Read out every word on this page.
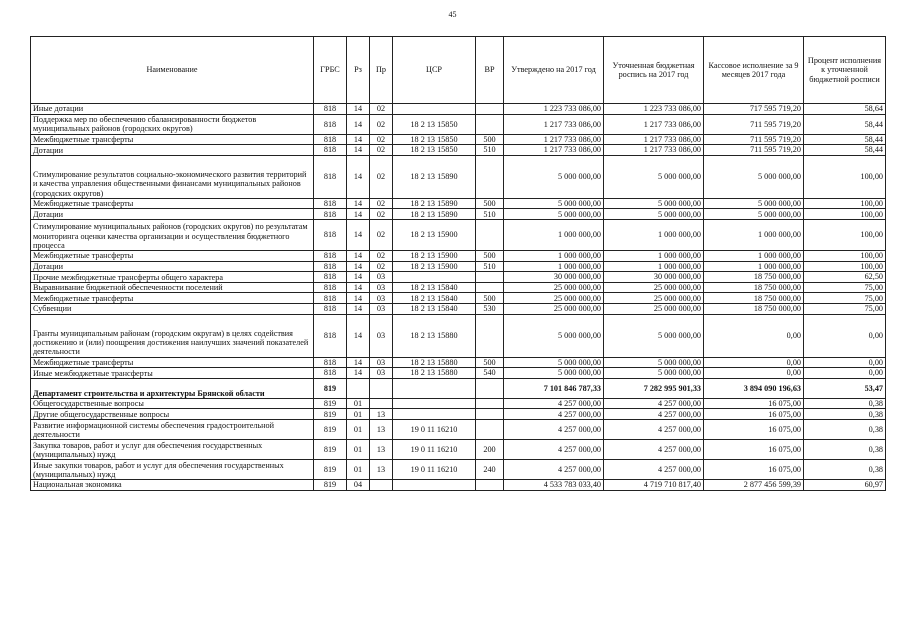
45
Наименование	ГРБС	Рз	Пр	ЦСР	ВР	Утверждено на 2017 год	Уточненная бюджетная роспись на 2017 год	Кассовое исполнение за 9 месяцев 2017 года	Процент исполнения к уточненной бюджетной росписи
Иные дотации	818	14	02			1 223 733 086,00	1 223 733 086,00	717 595 719,20	58,64
Поддержка мер по обеспечению сбалансированности бюджетов муниципальных районов (городских округов)	818	14	02	18 2 13 15850		1 217 733 086,00	1 217 733 086,00	711 595 719,20	58,44
Межбюджетные трансферты	818	14	02	18 2 13 15850	500	1 217 733 086,00	1 217 733 086,00	711 595 719,20	58,44
Дотации	818	14	02	18 2 13 15850	510	1 217 733 086,00	1 217 733 086,00	711 595 719,20	58,44
Стимулирование результатов социально-экономического развития территорий и качества управления общественными финансами муниципальных районов (городских округов)	818	14	02	18 2 13 15890		5 000 000,00	5 000 000,00	5 000 000,00	100,00
Межбюджетные трансферты	818	14	02	18 2 13 15890	500	5 000 000,00	5 000 000,00	5 000 000,00	100,00
Дотации	818	14	02	18 2 13 15890	510	5 000 000,00	5 000 000,00	5 000 000,00	100,00
Стимулирование муниципальных районов (городских округов) по результатам мониторинга оценки качества организации и осуществления бюджетного процесса	818	14	02	18 2 13 15900		1 000 000,00	1 000 000,00	1 000 000,00	100,00
Межбюджетные трансферты	818	14	02	18 2 13 15900	500	1 000 000,00	1 000 000,00	1 000 000,00	100,00
Дотации	818	14	02	18 2 13 15900	510	1 000 000,00	1 000 000,00	1 000 000,00	100,00
Прочие межбюджетные трансферты общего характера	818	14	03			30 000 000,00	30 000 000,00	18 750 000,00	62,50
Выравнивание бюджетной обеспеченности поселений	818	14	03	18 2 13 15840		25 000 000,00	25 000 000,00	18 750 000,00	75,00
Межбюджетные трансферты	818	14	03	18 2 13 15840	500	25 000 000,00	25 000 000,00	18 750 000,00	75,00
Субвенции	818	14	03	18 2 13 15840	530	25 000 000,00	25 000 000,00	18 750 000,00	75,00
Гранты муниципальным районам (городским округам) в целях содействия достижению и (или) поощрения достижения наилучших значений показателей деятельности	818	14	03	18 2 13 15880		5 000 000,00	5 000 000,00	0,00	0,00
Межбюджетные трансферты	818	14	03	18 2 13 15880	500	5 000 000,00	5 000 000,00	0,00	0,00
Иные межбюджетные трансферты	818	14	03	18 2 13 15880	540	5 000 000,00	5 000 000,00	0,00	0,00
Департамент строительства и архитектуры Брянской области	819					7 101 846 787,33	7 282 995 901,33	3 894 090 196,63	53,47
Общегосударственные вопросы	819	01				4 257 000,00	4 257 000,00	16 075,00	0,38
Другие общегосударственные вопросы	819	01	13			4 257 000,00	4 257 000,00	16 075,00	0,38
Развитие информационной системы обеспечения градостроительной деятельности	819	01	13	19 0 11 16210		4 257 000,00	4 257 000,00	16 075,00	0,38
Закупка товаров, работ и услуг для обеспечения государственных (муниципальных) нужд	819	01	13	19 0 11 16210	200	4 257 000,00	4 257 000,00	16 075,00	0,38
Иные закупки товаров, работ и услуг для обеспечения государственных (муниципальных) нужд	819	01	13	19 0 11 16210	240	4 257 000,00	4 257 000,00	16 075,00	0,38
Национальная экономика	819	04				4 533 783 033,40	4 719 710 817,40	2 877 456 599,39	60,97
